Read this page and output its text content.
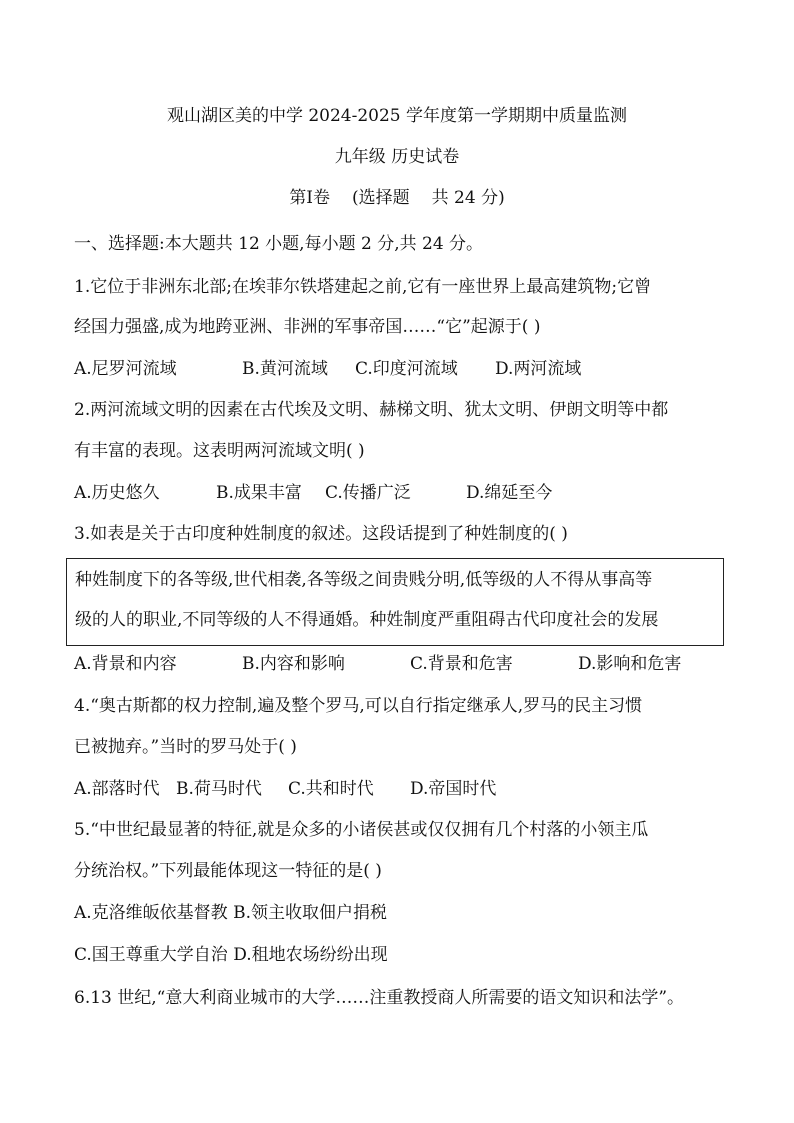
观山湖区美的中学 2024-2025 学年度第一学期期中质量监测
九年级 历史试卷
第Ⅰ卷 (选择题 共 24 分)
一、选择题:本大题共 12 小题,每小题 2 分,共 24 分。
1.它位于非洲东北部;在埃菲尔铁塔建起之前,它有一座世界上最高建筑物;它曾
经国力强盛,成为地跨亚洲、非洲的军事帝国……“它”起源于( )
A.尼罗河流域	B.黄河流域 C.印度河流域 D.两河流域
2.两河流域文明的因素在古代埃及文明、赫梯文明、犹太文明、伊朗文明等中都
有丰富的表现。这表明两河流域文明( )
A.历史悠久	B.成果丰富 C.传播广泛	D.绵延至今
3.如表是关于古印度种姓制度的叙述。这段话提到了种姓制度的( )
种姓制度下的各等级,世代相袭,各等级之间贵贱分明,低等级的人不得从事高等
级的人的职业,不同等级的人不得通婚。种姓制度严重阻碍古代印度社会的发展
A.背景和内容	B.内容和影响	C.背景和危害	D.影响和危害
4.“奥古斯都的权力控制,遍及整个罗马,可以自行指定继承人,罗马的民主习惯
已被抛弃。”当时的罗马处于( )
A.部落时代 B.荷马时代 C.共和时代 D.帝国时代
5.“中世纪最显著的特征,就是众多的小诸侯甚或仅仅拥有几个村落的小领主瓜
分统治权。”下列最能体现这一特征的是( )
A.克洛维皈依基督教 B.领主收取佃户捐税
C.国王尊重大学自治 D.租地农场纷纷出现
6.13 世纪,“意大利商业城市的大学……注重教授商人所需要的语文知识和法学”。
